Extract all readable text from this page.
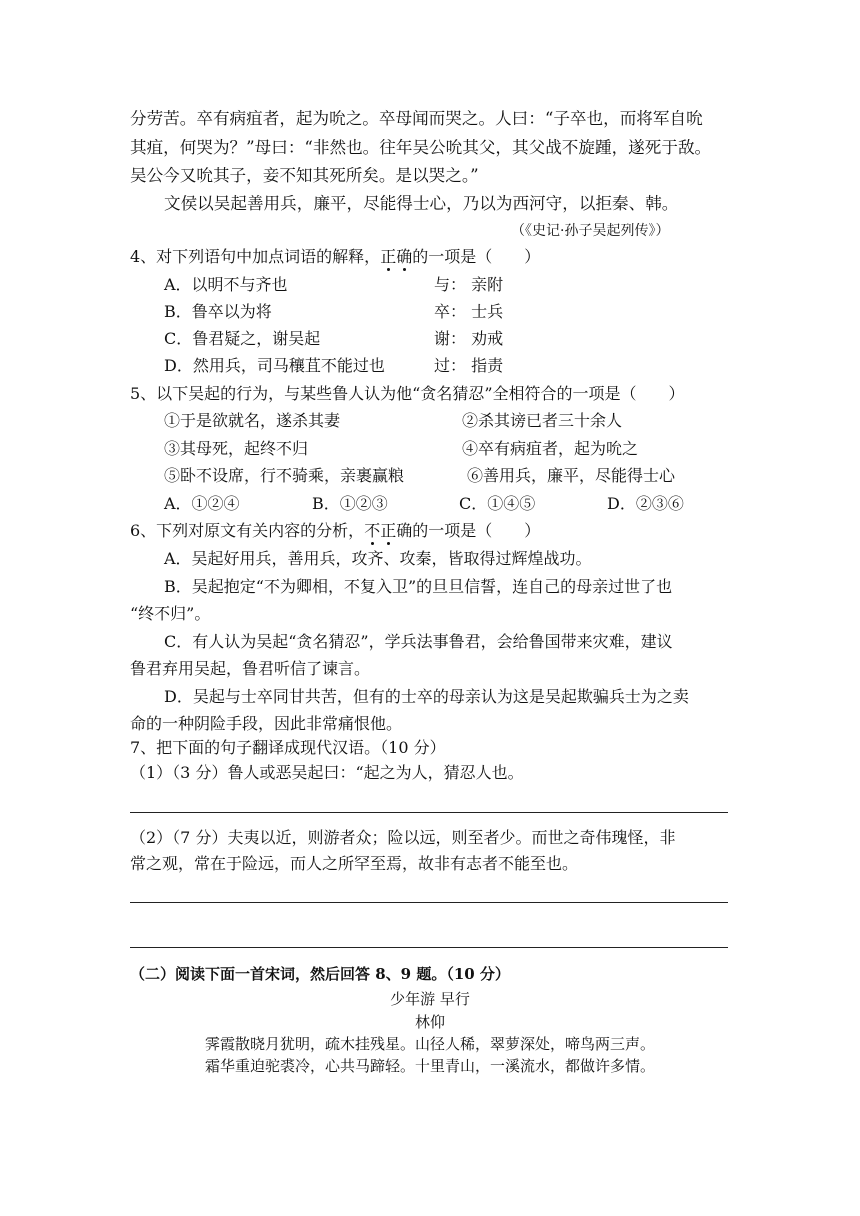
分劳苦。卒有病疽者，起为吮之。卒母闻而哭之。人曰：“子卒也，而将军自吮
其疽，何哭为？”母曰：“非然也。往年吴公吮其父，其父战不旋踵，遂死于敌。
吴公今又吮其子，妾不知其死所矣。是以哭之。”
文侯以吴起善用兵，廉平，尽能得士心，乃以为西河守，以拒秦、韩。
（《史记·孙子吴起列传》）
4、对下列语句中加点词语的解释，正确的一项是（　　）
A．以明不与齐也	与： 亲附
B．鲁卒以为将	卒： 士兵
C．鲁君疑之，谢吴起	谢： 劝戒
D．然用兵，司马穰苴不能过也	过： 指责
5、以下吴起的行为，与某些鲁人认为他“贪名猜忍”全相符合的一项是（　　）
①于是欲就名，遂杀其妻	②杀其谤已者三十余人
③其母死，起终不归	④卒有病疽者，起为吮之
⑤卧不设席，行不骑乘，亲裹赢粮	⑥善用兵，廉平，尽能得士心
A．①②④	B．①②③	C．①④⑤	D．②③⑥
6、下列对原文有关内容的分析，不正确的一项是（　　）
A．吴起好用兵，善用兵，攻齐、攻秦，皆取得过辉煌战功。
B．吴起抱定“不为卿相，不复入卫”的旦旦信誓，连自己的母亲过世了也
“终不归”。
C．有人认为吴起“贪名猜忍”，学兵法事鲁君，会给鲁国带来灾难，建议
鲁君弃用吴起，鲁君听信了谏言。
D．吴起与士卒同甘共苦，但有的士卒的母亲认为这是吴起欺骗兵士为之卖
命的一种阴险手段，因此非常痛恨他。
7、把下面的句子翻译成现代汉语。（10 分）
（1）（3 分）鲁人或恶吴起曰：“起之为人，猜忍人也。
（2）（7 分）夫夷以近，则游者众；险以远，则至者少。而世之奇伟瑰怪，非
常之观，常在于险远，而人之所罕至焉，故非有志者不能至也。
（二）阅读下面一首宋词，然后回答 8、9 题。（10 分）
少年游 早行
林仰
霁霞散晓月犹明，疏木挂残星。山径人稀，翠萝深处，啼鸟两三声。
霜华重迫驼裘冷，心共马蹄轻。十里青山，一溪流水，都做许多情。
